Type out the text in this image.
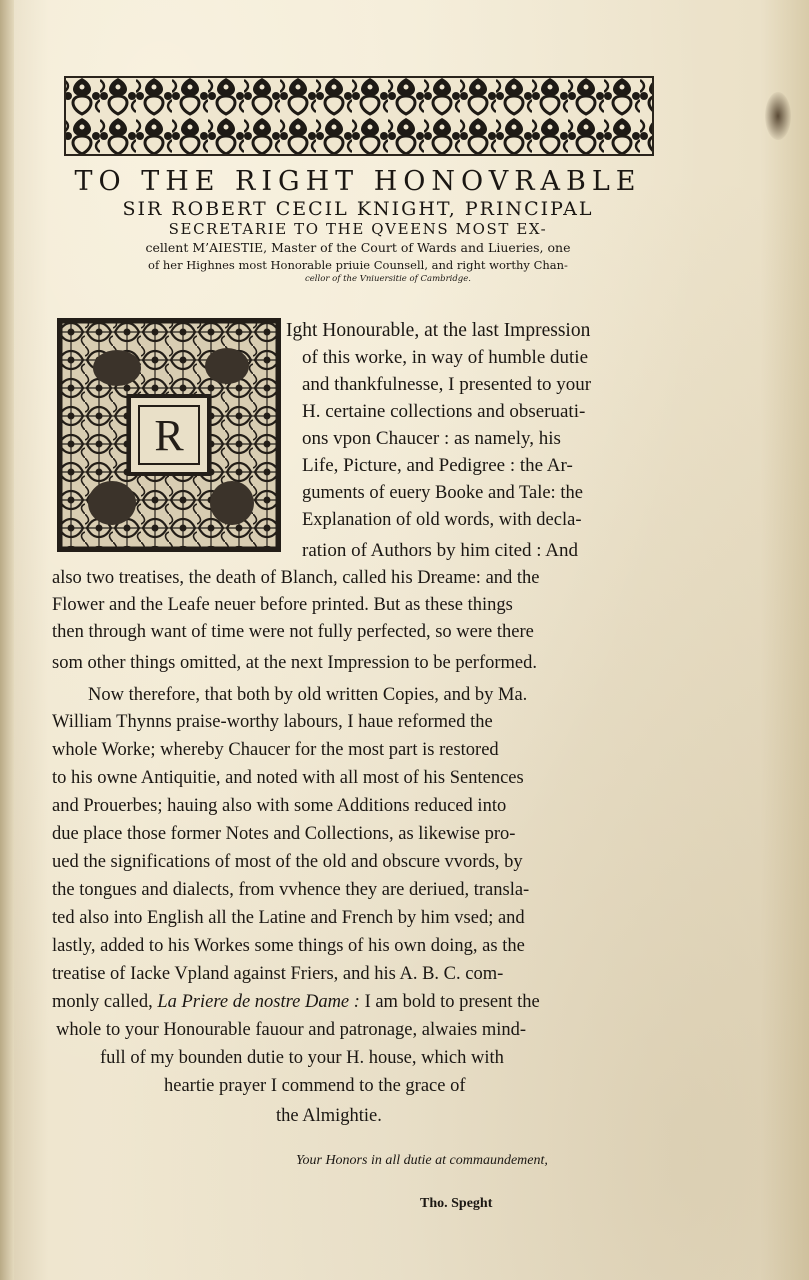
TO THE RIGHT HONOVRABLE
SIR ROBERT CECIL KNIGHT, PRINCIPAL
SECRETARIE TO THE QVEENS MOST EX-
cellent M’AIESTIE, Master of the Court of Wards and Liueries, one
of her Highnes most Honorable priuie Counsell, and right worthy Chan-
cellor of the Vniuersitie of Cambridge.
R
Ight Honourable, at the last Impression
of this worke, in way of humble dutie
and thankfulnesse, I presented to your
H. certaine collections and obseruati-
ons vpon Chaucer : as namely, his
Life, Picture, and Pedigree : the Ar-
guments of euery Booke and Tale: the
Explanation of old words, with decla-
ration of Authors by him cited : And
also two treatises, the death of Blanch, called his Dreame: and the
Flower and the Leafe neuer before printed. But as these things
then through want of time were not fully perfected, so were there
som other things omitted, at the next Impression to be performed.
Now therefore, that both by old written Copies, and by Ma.
William Thynns praise-worthy labours, I haue reformed the
whole Worke; whereby Chaucer for the most part is restored
to his owne Antiquitie, and noted with all most of his Sentences
and Prouerbes; hauing also with some Additions reduced into
due place those former Notes and Collections, as likewise pro-
ued the significations of most of the old and obscure vvords, by
the tongues and dialects, from vvhence they are deriued, transla-
ted also into English all the Latine and French by him vsed; and
lastly, added to his Workes some things of his own doing, as the
treatise of Iacke Vpland against Friers, and his A. B. C. com-
monly called, La Priere de nostre Dame : I am bold to present the
whole to your Honourable fauour and patronage, alwaies mind-
full of my bounden dutie to your H. house, which with
heartie prayer I commend to the grace of
the Almightie.
Your Honors in all dutie at commaundement,
Tho. Speght
